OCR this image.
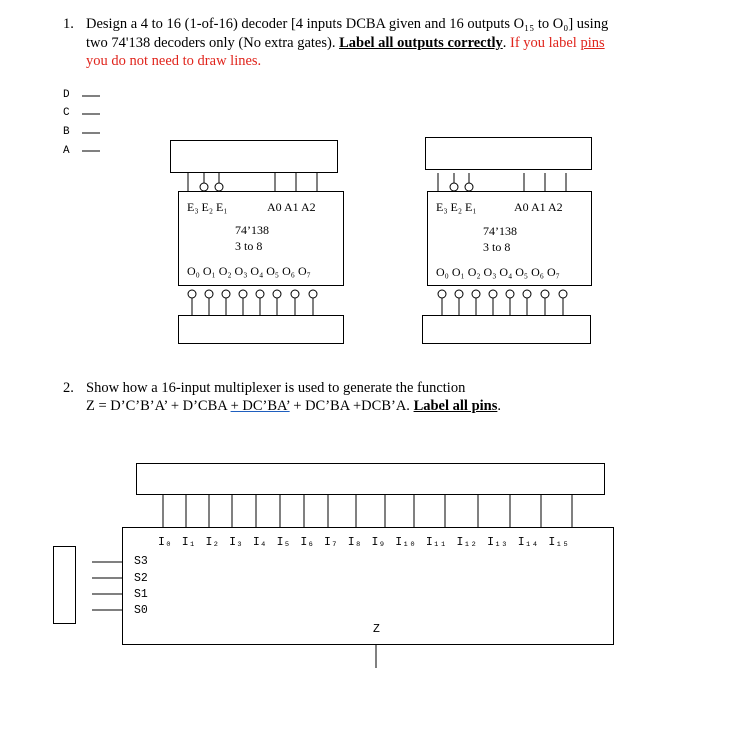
1. Design a 4 to 16 (1-of-16) decoder [4 inputs DCBA given and 16 outputs O₁₅ to O₀] using
two 74'138 decoders only (No extra gates). Label all outputs correctly. If you label pins
you do not need to draw lines.
D
C
B
A
E₃ E₂ E₁	A0 A1 A2
74’138
3 to 8
O₀ O₁ O₂ O₃ O₄ O₅ O₆ O₇
E₃ E₂ E₁	A0 A1 A2
74’138
3 to 8
O₀ O₁ O₂ O₃ O₄ O₅ O₆ O₇
2. Show how a 16-input multiplexer is used to generate the function
Z = D’C’B’A’ + D’CBA + DC’BA’ + DC’BA +DCB’A. Label all pins.
I₀ I₁ I₂ I₃ I₄ I₅ I₆ I₇ I₈ I₉ I₁₀ I₁₁ I₁₂ I₁₃ I₁₄ I₁₅
S3
S2
S1
S0
Z
